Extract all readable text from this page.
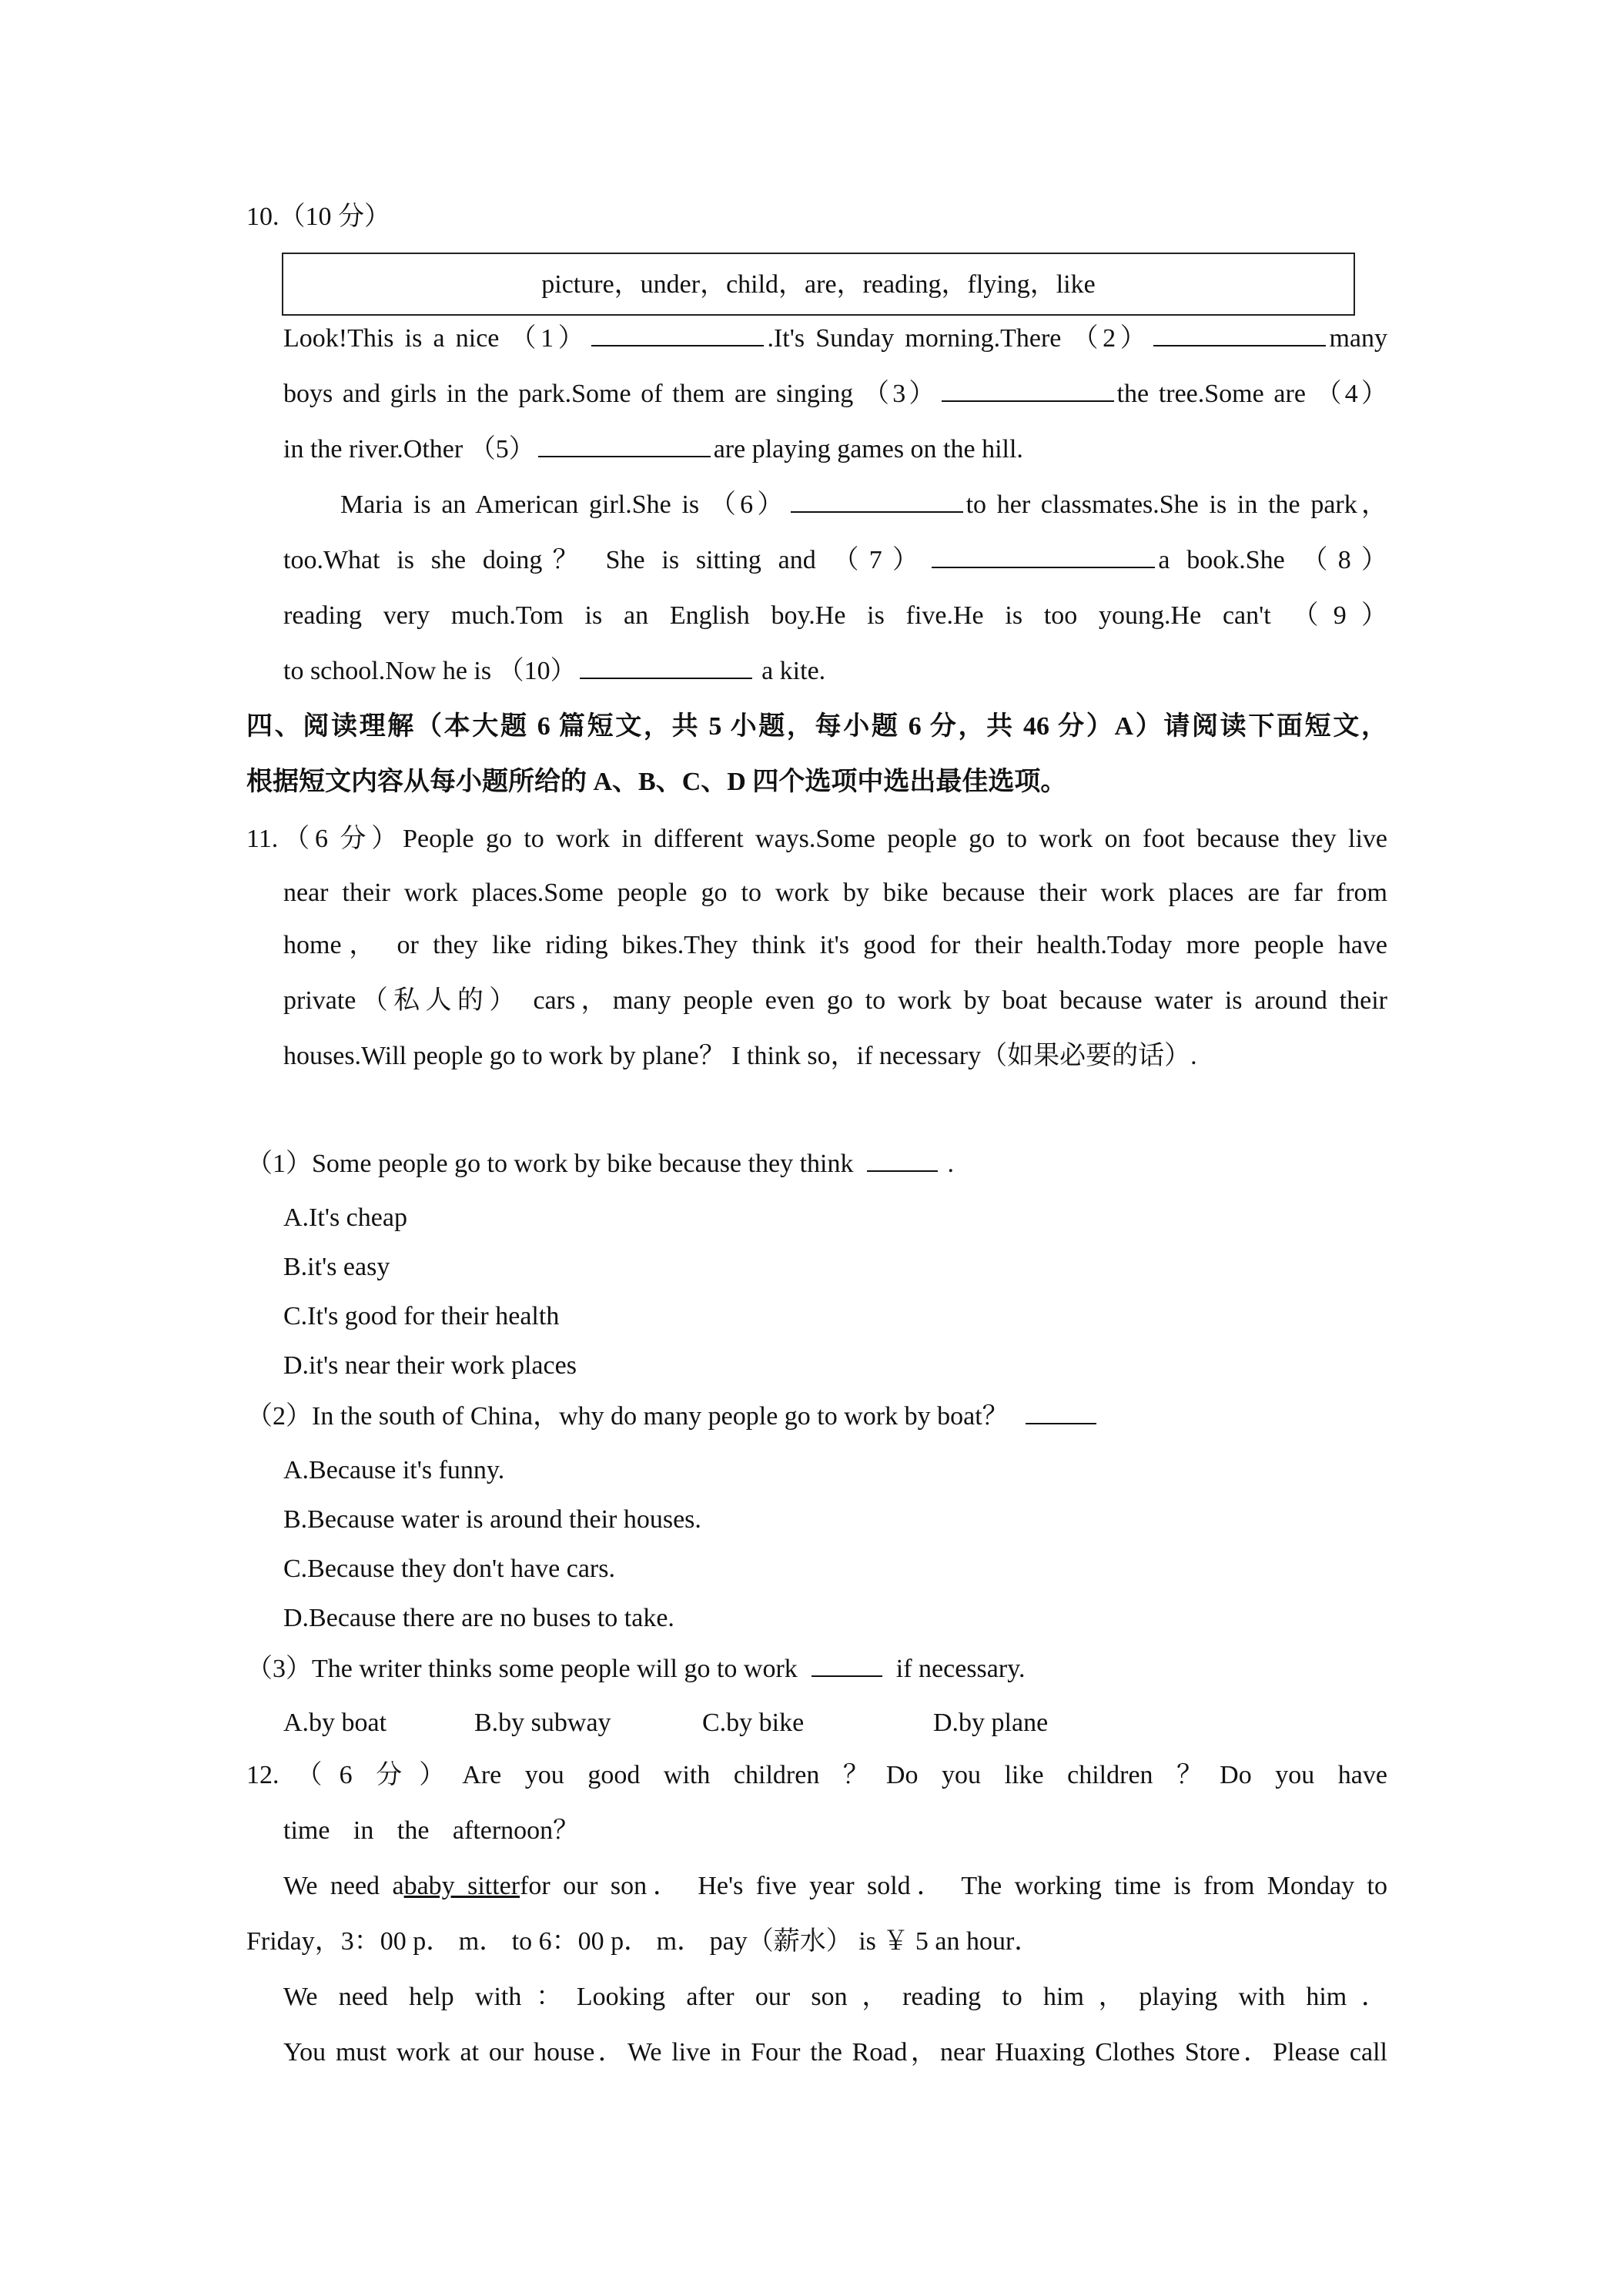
10.（10 分）
picture，under，child，are，reading，flying，like
Look!This is a nice （1）	.It's Sunday morning.There （2）	many
boys and girls in the park.Some of them are singing （3）	the tree.Some are （4）
in the river.Other （5）	are playing games on the hill.
Maria is an American girl.She is （6）	to her classmates.She is in the park，
too.What is she doing？ She is sitting and （7）	a book.She （8）
reading very much.Tom is an English boy.He is five.He is too young.He can't （9）
to school.Now he is （10）	a kite.
四、阅读理解（本大题 6 篇短文，共 5 小题，每小题 6 分，共 46 分）A）请阅读下面短文，
根据短文内容从每小题所给的 A、B、C、D 四个选项中选出最佳选项。
11.（6 分）People go to work in different ways.Some people go to work on foot because they live
near their work places.Some people go to work by bike because their work places are far from
home， or they like riding bikes.They think it's good for their health.Today more people have
private（私人的） cars，many people even go to work by boat because water is around their
houses.Will people go to work by plane？ I think so，if necessary（如果必要的话）.
（1）Some people go to work by bike because they think	.
A.It's cheap
B.it's easy
C.It's good for their health
D.it's near their work places
（2）In the south of China，why do many people go to work by boat？
A.Because it's funny.
B.Because water is around their houses.
C.Because they don't have cars.
D.Because there are no buses to take.
（3）The writer thinks some people will go to work	if necessary.
A.by boat	B.by subway	C.by bike	D.by plane
12.（6 分）Are you good with children ？Do you like children ？Do you have
time in the afternoon？
We need ababy sitterfor our son． He's five year sold． The working time is from Monday to
Friday，3：00 p． m． to 6：00 p． m． pay（薪水） is ￥ 5 an hour．
We need help with：Looking after our son，reading to him，playing with him．
You must work at our house．We live in Four the Road，near Huaxing Clothes Store．Please call
